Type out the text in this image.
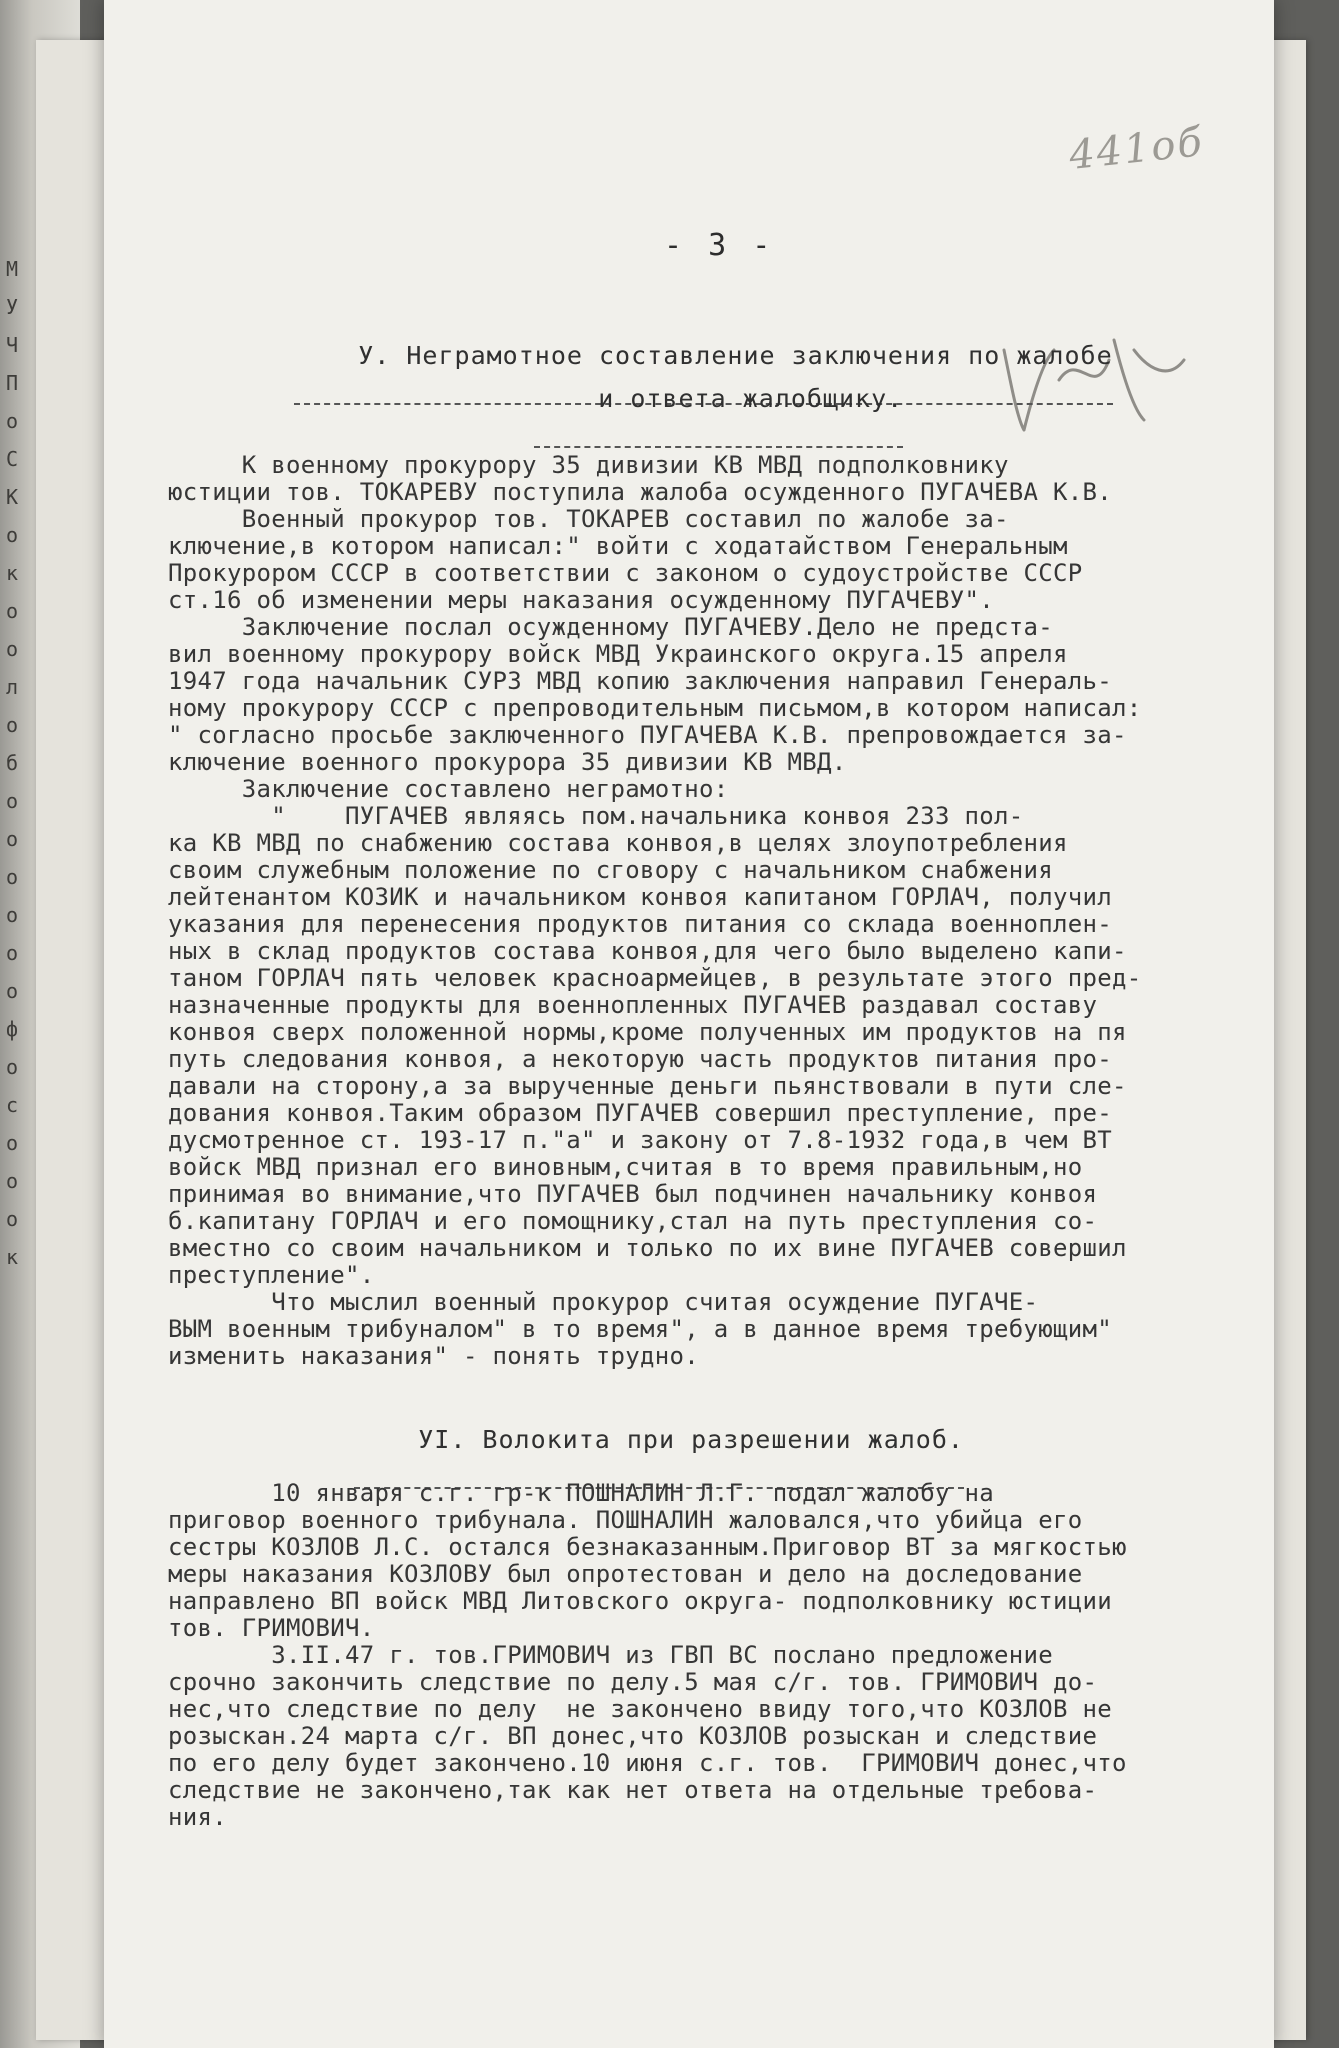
М
У
Ч
П
о
С
К
о
к
о
о
л
о
б
о
о
о
о
о
о
ф
о
с
о
о
о
к
441об
- 3 -

У. Неграмотное составление заключения по жалобе

и ответа жалобщику.

К военному прокурору 35 дивизии КВ МВД подполковнику
юстиции тов. ТОКАРЕВУ поступила жалоба осужденного ПУГАЧЕВА К.В.
Военный прокурор тов. ТОКАРЕВ составил по жалобе за-
ключение,в котором написал:" войти с ходатайством Генеральным
Прокурором СССР в соответствии с законом о судоустройстве СССР
ст.16 об изменении меры наказания осужденному ПУГАЧЕВУ".
Заключение послал осужденному ПУГАЧЕВУ.Дело не предста-
вил военному прокурору войск МВД Украинского округа.15 апреля
1947 года начальник СУРЗ МВД копию заключения направил Генераль-
ному прокурору СССР с препроводительным письмом,в котором написал:
" согласно просьбе заключенного ПУГАЧЕВА К.В. препровождается за-
ключение военного прокурора 35 дивизии КВ МВД.
Заключение составлено неграмотно:
"    ПУГАЧЕВ являясь пом.начальника конвоя 233 пол-
ка КВ МВД по снабжению состава конвоя,в целях злоупотребления
своим служебным положение по сговору с начальником снабжения
лейтенантом КОЗИК и начальником конвоя капитаном ГОРЛАЧ, получил
указания для перенесения продуктов питания со склада военноплен-
ных в склад продуктов состава конвоя,для чего было выделено капи-
таном ГОРЛАЧ пять человек красноармейцев, в результате этого пред-
назначенные продукты для военнопленных ПУГАЧЕВ раздавал составу
конвоя сверх положенной нормы,кроме полученных им продуктов на пя
путь следования конвоя, а некоторую часть продуктов питания про-
давали на сторону,а за вырученные деньги пьянствовали в пути сле-
дования конвоя.Таким образом ПУГАЧЕВ совершил преступление, пре-
дусмотренное ст. 193-17 п."а" и закону от 7.8-1932 года,в чем ВТ
войск МВД признал его виновным,считая в то время правильным,но
принимая во внимание,что ПУГАЧЕВ был подчинен начальнику конвоя
б.капитану ГОРЛАЧ и его помощнику,стал на путь преступления со-
вместно со своим начальником и только по их вине ПУГАЧЕВ совершил
преступление".
Что мыслил военный прокурор считая осуждение ПУГАЧЕ-
ВЫМ военным трибуналом" в то время", а в данное время требующим"
изменить наказания" - понять трудно.

УI. Волокита при разрешении жалоб.

10 января с.г. гр-к ПОШНАЛИН Л.Г. подал жалобу на
приговор военного трибунала. ПОШНАЛИН жаловался,что убийца его
сестры КОЗЛОВ Л.С. остался безнаказанным.Приговор ВТ за мягкостью
меры наказания КОЗЛОВУ был опротестован и дело на доследование
направлено ВП войск МВД Литовского округа- подполковнику юстиции
тов. ГРИМОВИЧ.
3.II.47 г. тов.ГРИМОВИЧ из ГВП ВС послано предложение
срочно закончить следствие по делу.5 мая с/г. тов. ГРИМОВИЧ до-
нес,что следствие по делу  не закончено ввиду того,что КОЗЛОВ не
розыскан.24 марта с/г. ВП донес,что КОЗЛОВ розыскан и следствие
по его делу будет закончено.10 июня с.г. тов.  ГРИМОВИЧ донес,что
следствие не закончено,так как нет ответа на отдельные требова-
ния.
